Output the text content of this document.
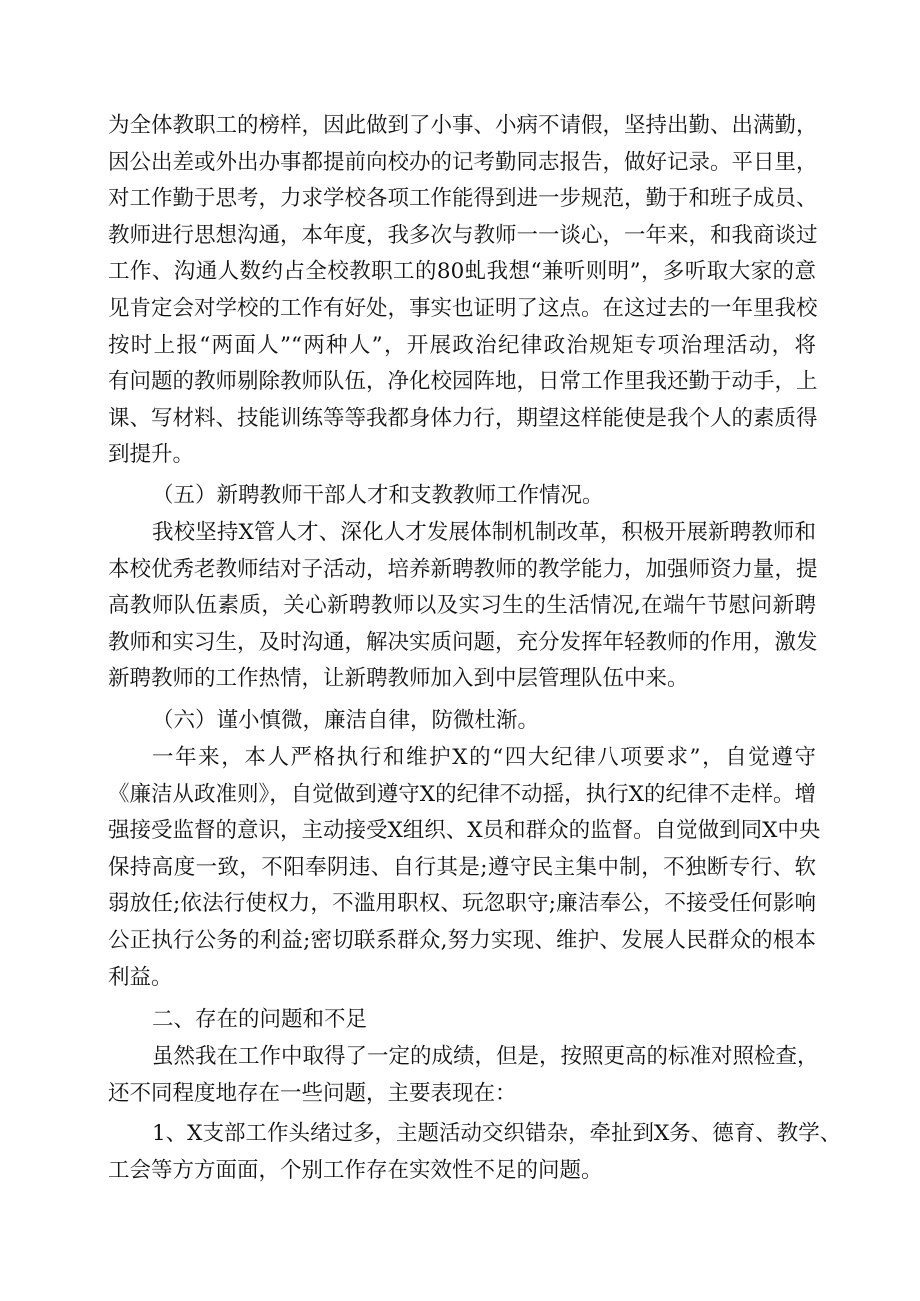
为全体教职工的榜样，因此做到了小事、小病不请假，坚持出勤、出满勤，
因公出差或外出办事都提前向校办的记考勤同志报告，做好记录。平日里，
对工作勤于思考，力求学校各项工作能得到进一步规范，勤于和班子成员、
教师进行思想沟通，本年度，我多次与教师一一谈心，一年来，和我商谈过
工作、沟通人数约占全校教职工的80虬我想“兼听则明”，多听取大家的意
见肯定会对学校的工作有好处，事实也证明了这点。在这过去的一年里我校
按时上报“两面人”“两种人”，开展政治纪律政治规矩专项治理活动，将
有问题的教师剔除教师队伍，净化校园阵地，日常工作里我还勤于动手，上
课、写材料、技能训练等等我都身体力行，期望这样能使是我个人的素质得
到提升。
（五）新聘教师干部人才和支教教师工作情况。
我校坚持X管人才、深化人才发展体制机制改革，积极开展新聘教师和
本校优秀老教师结对子活动，培养新聘教师的教学能力，加强师资力量，提
高教师队伍素质，关心新聘教师以及实习生的生活情况,在端午节慰问新聘
教师和实习生，及时沟通，解决实质问题，充分发挥年轻教师的作用，激发
新聘教师的工作热情，让新聘教师加入到中层管理队伍中来。
（六）谨小慎微，廉洁自律，防微杜渐。
一年来，本人严格执行和维护X的“四大纪律八项要求”，自觉遵守
《廉洁从政准则》，自觉做到遵守X的纪律不动摇，执行X的纪律不走样。增
强接受监督的意识，主动接受X组织、X员和群众的监督。自觉做到同X中央
保持高度一致，不阳奉阴违、自行其是;遵守民主集中制，不独断专行、软
弱放任;依法行使权力，不滥用职权、玩忽职守;廉洁奉公，不接受任何影响
公正执行公务的利益;密切联系群众,努力实现、维护、发展人民群众的根本
利益。
二、存在的问题和不足
虽然我在工作中取得了一定的成绩，但是，按照更高的标准对照检查，
还不同程度地存在一些问题，主要表现在：
1、X支部工作头绪过多，主题活动交织错杂，牵扯到X务、德育、教学、
工会等方方面面，个别工作存在实效性不足的问题。
